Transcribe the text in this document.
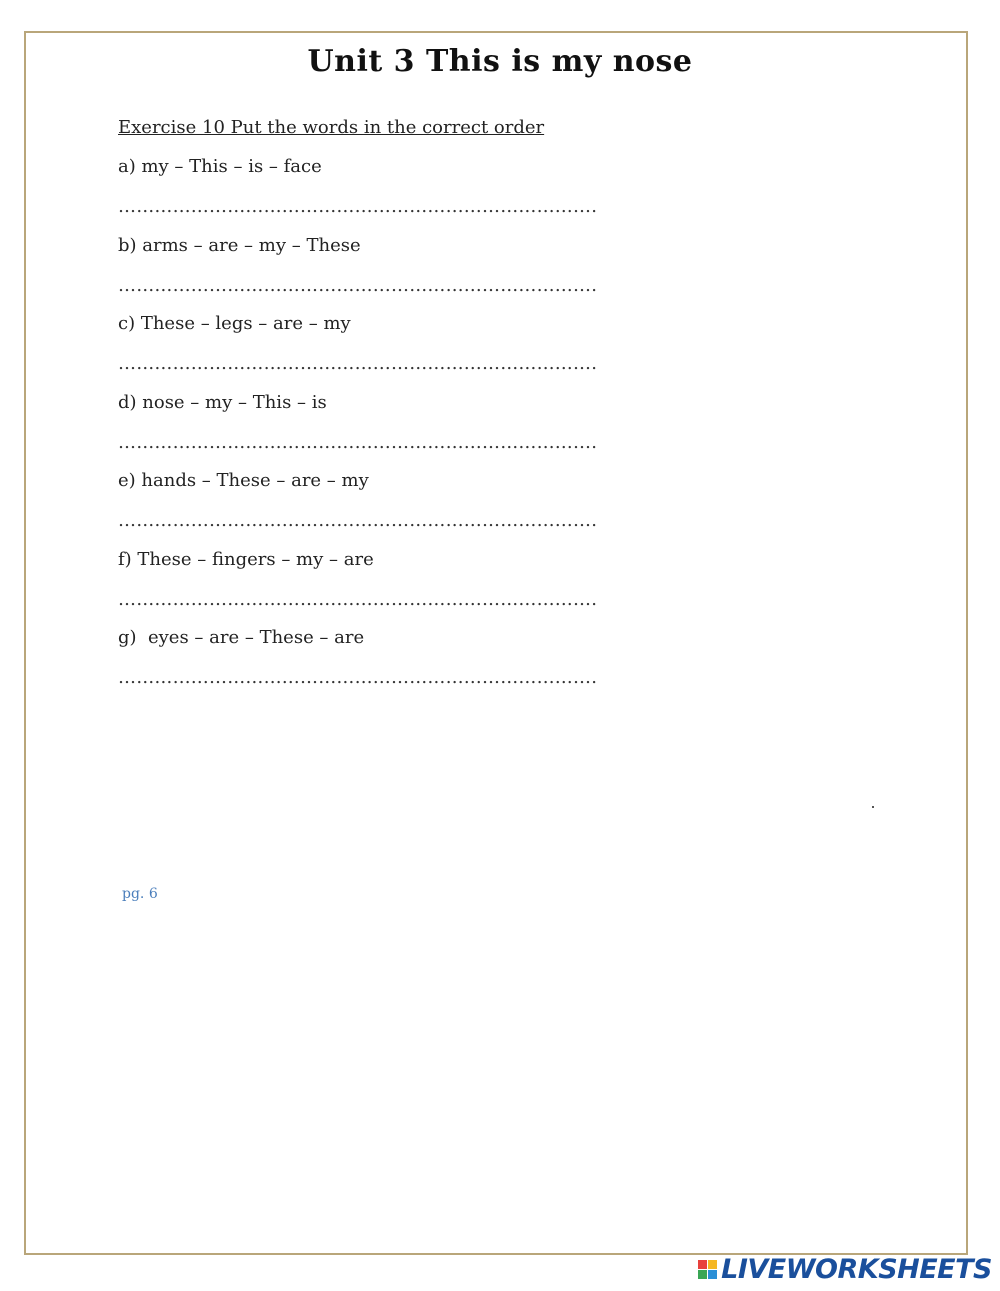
Unit 3 This is my nose
Exercise 10 Put the words in the correct order
a) my – This – is – face
…………………………………………………………………….
b) arms – are – my – These
…………………………………………………………………….
c) These – legs – are – my
…………………………………………………………………….
d) nose – my – This – is
…………………………………………………………………….
e) hands – These – are – my
…………………………………………………………………….
f) These – fingers – my – are
…………………………………………………………………….
g)  eyes – are – These – are
…………………………………………………………………….
pg. 6
LIVEWORKSHEETS
